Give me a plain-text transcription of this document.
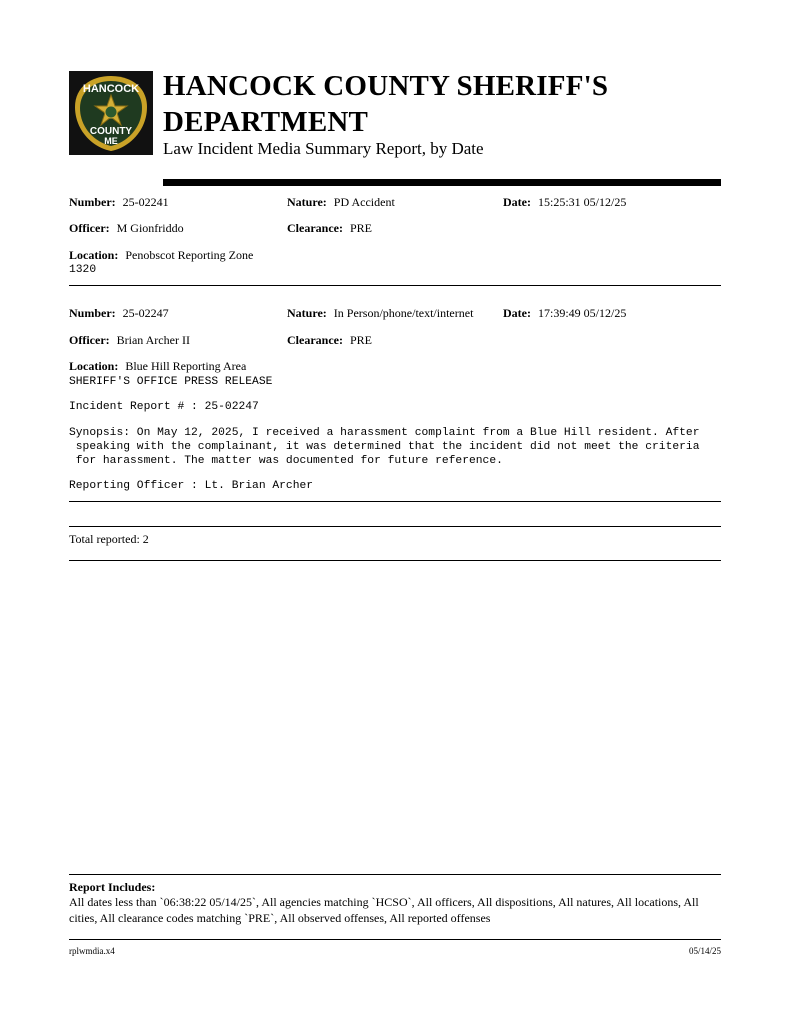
HANCOCK
COUNTY
ME
HANCOCK COUNTY SHERIFF'S
DEPARTMENT
Law Incident Media Summary Report, by Date
Number: 25-02241	Nature: PD Accident	Date: 15:25:31 05/12/25
Officer: M Gionfriddo	Clearance: PRE
Location: Penobscot Reporting Zone
1320
Number: 25-02247	Nature: In Person/phone/text/internet Date: 17:39:49 05/12/25
Officer: Brian Archer II	Clearance: PRE
Location: Blue Hill Reporting Area
SHERIFF'S OFFICE PRESS RELEASE
Incident Report # : 25-02247
Synopsis: On May 12, 2025, I received a harassment complaint from a Blue Hill resident. After
speaking with the complainant, it was determined that the incident did not meet the criteria
for harassment. The matter was documented for future reference.
Reporting Officer : Lt. Brian Archer
Total reported: 2
Report Includes:
All dates less than `06:38:22 05/14/25`, All agencies matching `HCSO`, All officers, All dispositions, All natures, All locations, All cities, All clearance codes matching `PRE`, All observed offenses, All reported offenses
rplwmdia.x4	05/14/25
